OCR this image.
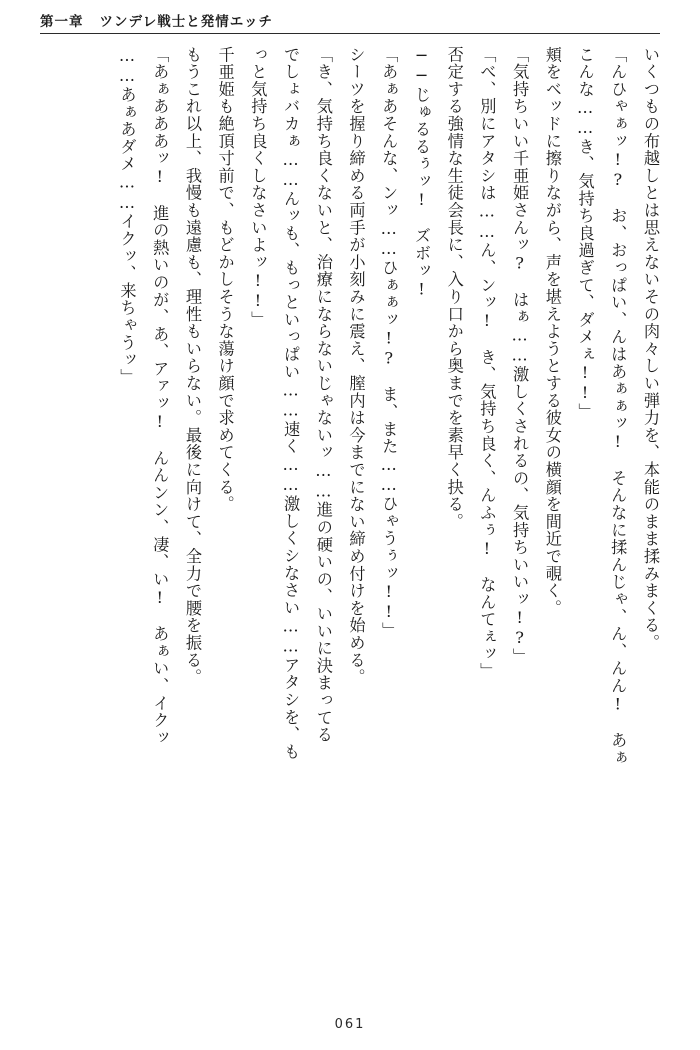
第一章 ツンデレ戦士と発情エッチ

いくつもの布越しとは思えないその肉々しい弾力を、本能のまま揉みまくる。

「んひゃぁッ!?　お、おっぱい、んはあぁぁッ!　そんなに揉んじゃ、ん、んん!　あぁ

こんな……き、気持ち良過ぎて、ダメぇ!!」

頬をベッドに擦りながら、声を堪えようとする彼女の横顔を間近で覗く。

「気持ちいい千亜姫さんッ?　はぁ……激しくされるの、気持ちいいッ!?」

「べ、別にアタシは……ん、ンッ!　き、気持ち良く、んふぅ!　なんてぇッ」

否定する強情な生徒会長に、入り口から奥までを素早く抉る。

──じゅるるぅッ!　ズボッ!

「あぁあそんな、ンッ……ひぁぁッ!?　ま、また……ひゃうぅッ!!」

シーツを握り締める両手が小刻みに震え、膣内は今までにない締め付けを始める。

「き、気持ち良くないと、治療にならないじゃないッ……進の硬いの、いいに決まってる

でしょバカぁ……んッも、もっといっぱい……速く……激しくシなさい……アタシを、も

っと気持ち良くしなさいよッ!!」

千亜姫も絶頂寸前で、もどかしそうな蕩け顔で求めてくる。

もうこれ以上、我慢も遠慮も、理性もいらない。最後に向けて、全力で腰を振る。

「あぁあああッ!　進の熱いのが、あ、アァッ!　んんンン、凄、い!　あぁい、イクッ

……あぁあダメ……イクッ、来ちゃうッ」

061
